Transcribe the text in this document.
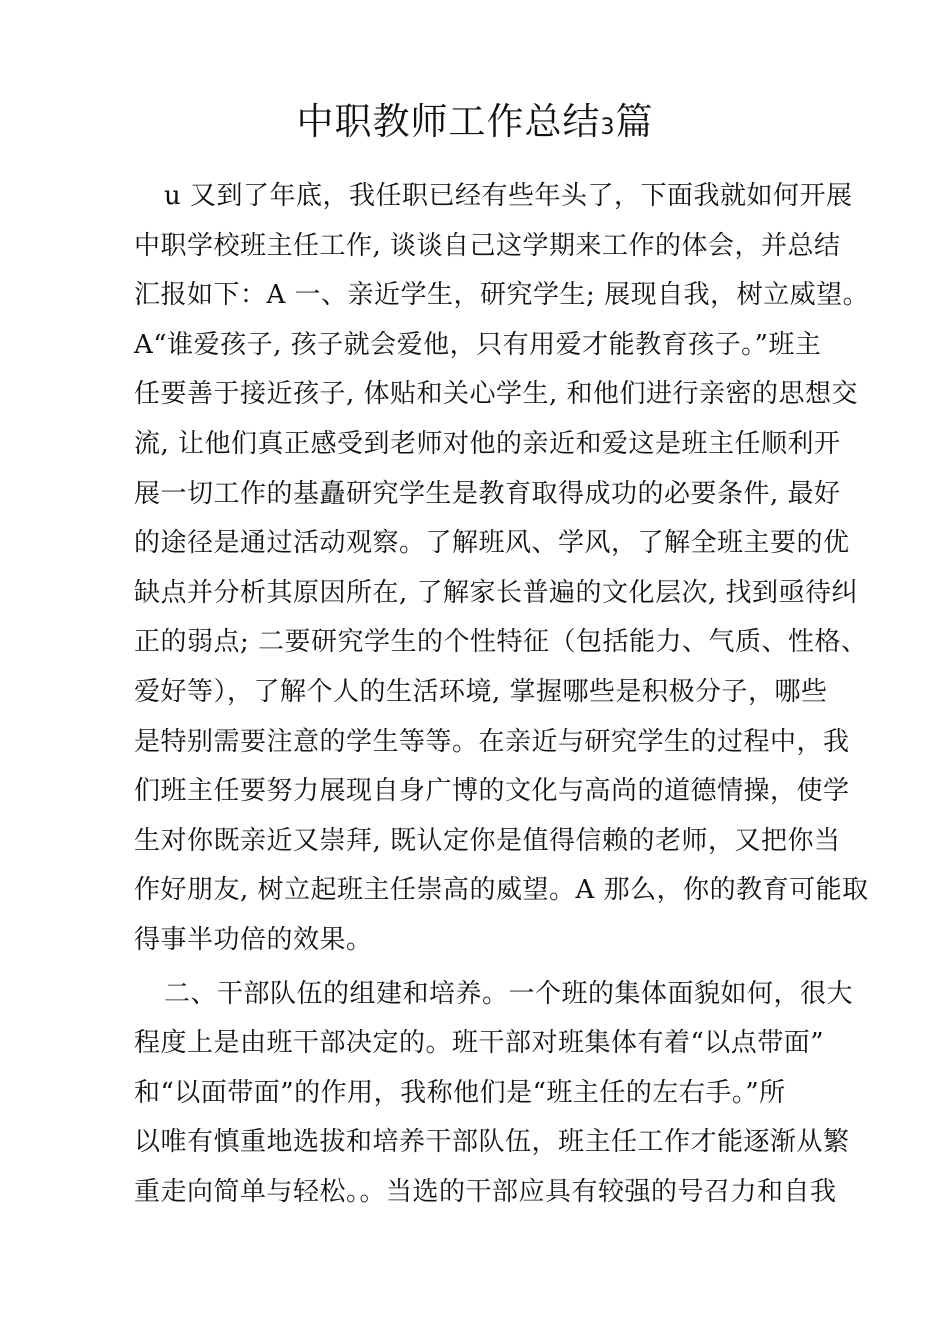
中职教师工作总结3篇
u 又到了年底，我任职已经有些年头了，下面我就如何开展
中职学校班主任工作, 谈谈自己这学期来工作的体会，并总结
汇报如下：A 一、亲近学生，研究学生; 展现自我，树立威望。
A“谁爱孩子, 孩子就会爱他，只有用爱才能教育孩子。”班主
任要善于接近孩子, 体贴和关心学生, 和他们进行亲密的思想交
流, 让他们真正感受到老师对他的亲近和爱这是班主任顺利开
展一切工作的基矗研究学生是教育取得成功的必要条件, 最好
的途径是通过活动观察。了解班风、学风，了解全班主要的优
缺点并分析其原因所在, 了解家长普遍的文化层次, 找到亟待纠
正的弱点; 二要研究学生的个性特征（包括能力、气质、性格、
爱好等），了解个人的生活环境, 掌握哪些是积极分子，哪些
是特别需要注意的学生等等。在亲近与研究学生的过程中，我
们班主任要努力展现自身广博的文化与高尚的道德情操，使学
生对你既亲近又崇拜, 既认定你是值得信赖的老师，又把你当
作好朋友, 树立起班主任崇高的威望。A 那么，你的教育可能取
得事半功倍的效果。
二、干部队伍的组建和培养。一个班的集体面貌如何，很大
程度上是由班干部决定的。班干部对班集体有着“以点带面”
和“以面带面”的作用，我称他们是“班主任的左右手。”所
以唯有慎重地选拔和培养干部队伍，班主任工作才能逐渐从繁
重走向简单与轻松。。当选的干部应具有较强的号召力和自我
